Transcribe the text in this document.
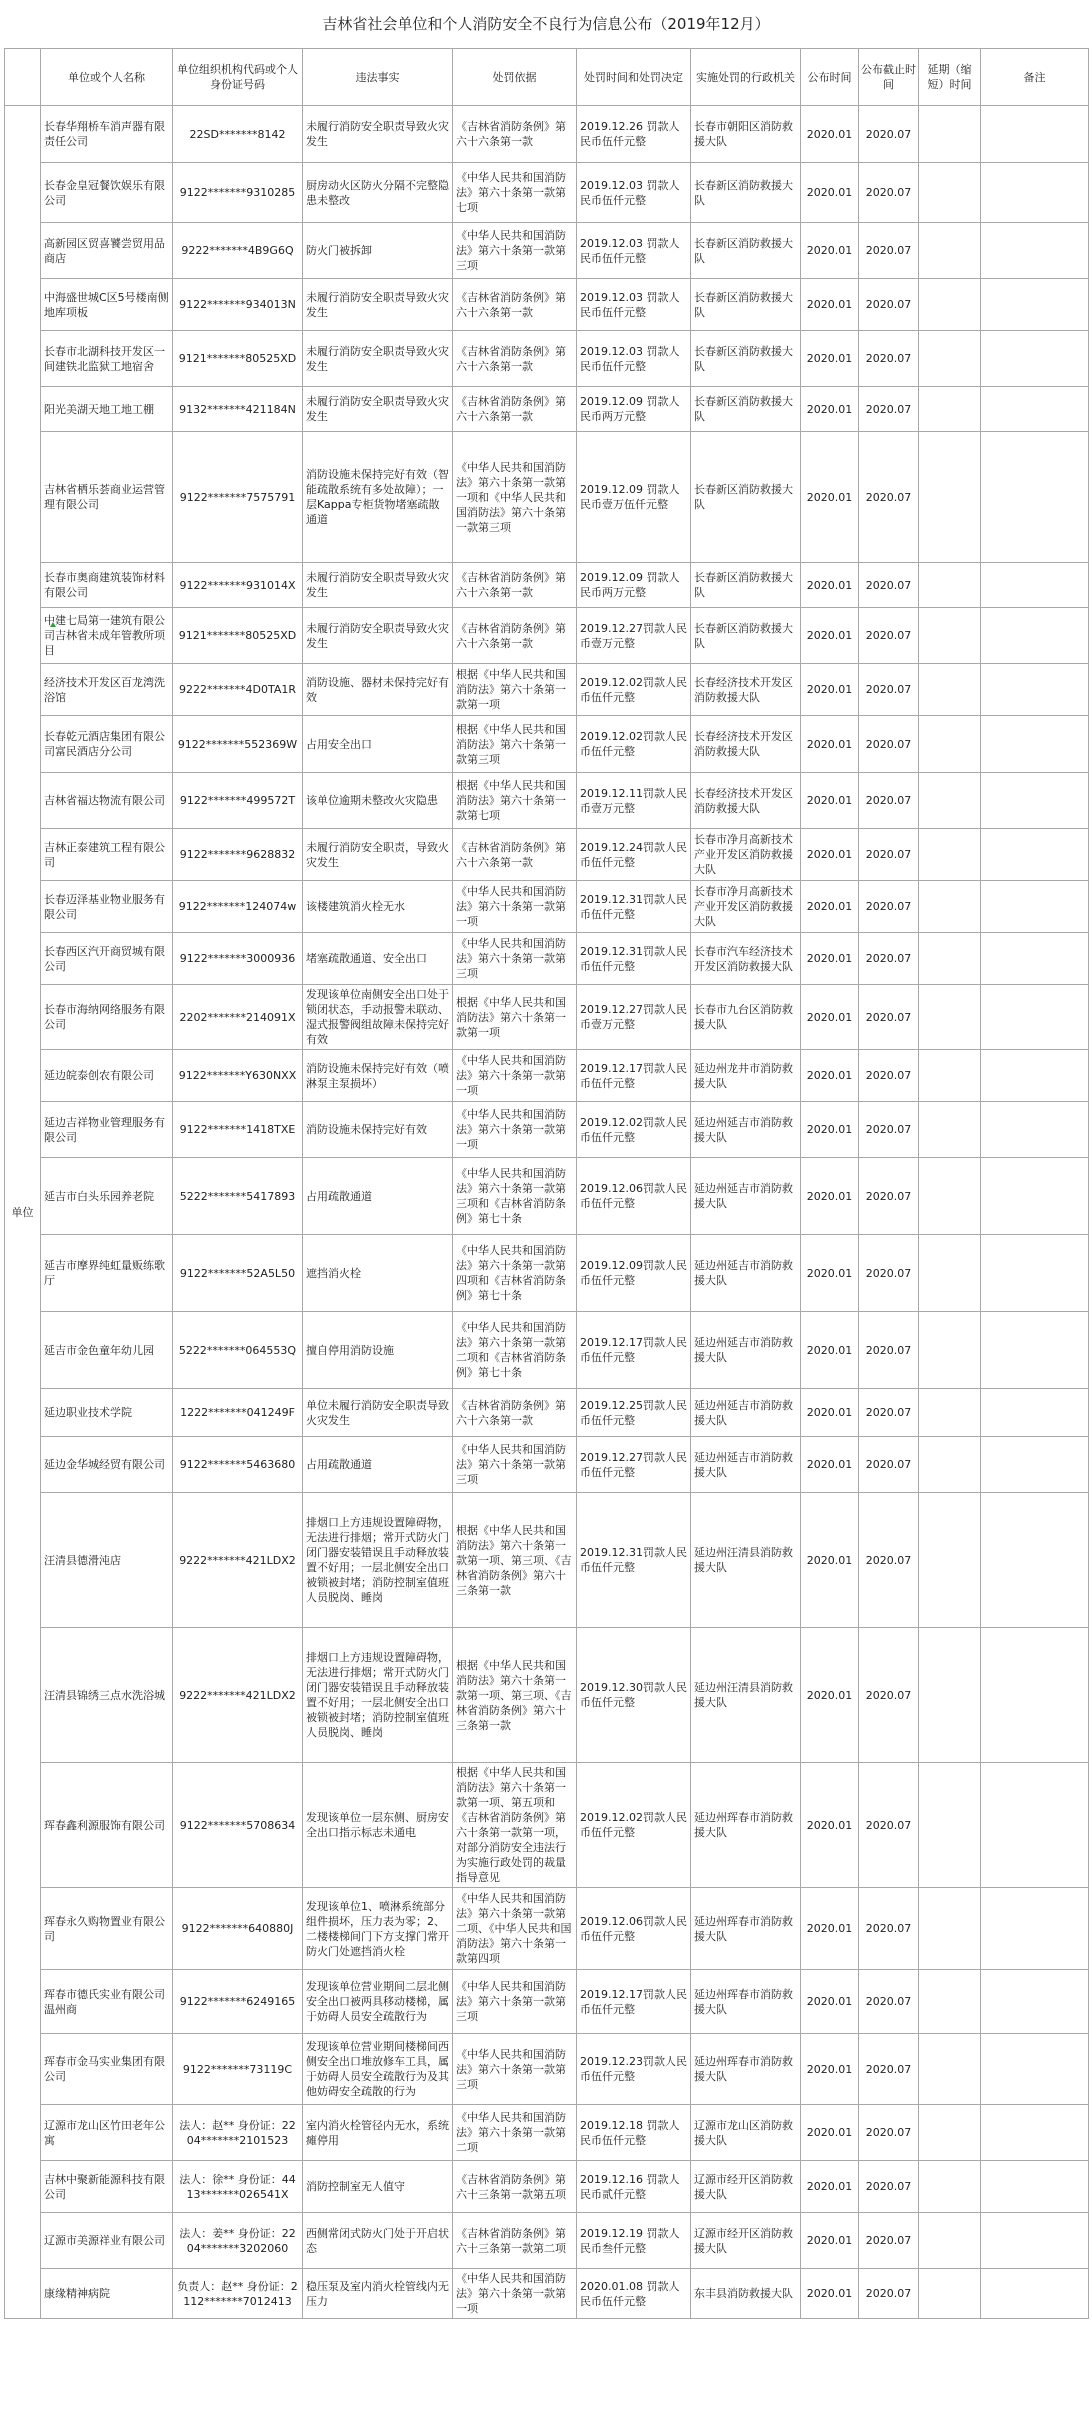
吉林省社会单位和个人消防安全不良行为信息公布（2019年12月）
	单位或个人名称	单位组织机构代码或个人身份证号码	违法事实	处罚依据	处罚时间和处罚决定	实施处罚的行政机关	公布时间	公布截止时间	延期（缩短）时间	备注
单位	长春华翔桥车消声器有限责任公司	22SD*******8142	未履行消防安全职责导致火灾发生	《吉林省消防条例》第六十六条第一款	2019.12.26 罚款人民币伍仟元整	长春市朝阳区消防救援大队	2020.01	2020.07		
	长春金皇冠餐饮娱乐有限公司	9122*******9310285	厨房动火区防火分隔不完整隐患未整改	《中华人民共和国消防法》第六十条第一款第七项	2019.12.03 罚款人民币伍仟元整	长春新区消防救援大队	2020.01	2020.07		
	高新园区贸喜饕尝贸用品商店	9222*******4B9G6Q	防火门被拆卸	《中华人民共和国消防法》第六十条第一款第三项	2019.12.03 罚款人民币伍仟元整	长春新区消防救援大队	2020.01	2020.07		
	中海盛世城C区5号楼南侧地库项板	9122*******934013N	未履行消防安全职责导致火灾发生	《吉林省消防条例》第六十六条第一款	2019.12.03 罚款人民币伍仟元整	长春新区消防救援大队	2020.01	2020.07		
	长春市北湖科技开发区一间建铁北监狱工地宿舍	9121*******80525XD	未履行消防安全职责导致火灾发生	《吉林省消防条例》第六十六条第一款	2019.12.03 罚款人民币伍仟元整	长春新区消防救援大队	2020.01	2020.07		
	阳光美湖天地工地工棚	9132*******421184N	未履行消防安全职责导致火灾发生	《吉林省消防条例》第六十六条第一款	2019.12.09 罚款人民币两万元整	长春新区消防救援大队	2020.01	2020.07		
	吉林省栖乐荟商业运营管理有限公司	9122*******7575791	消防设施未保持完好有效（智能疏散系统有多处故障）；一层Kappa专柜货物堵塞疏散通道	《中华人民共和国消防法》第六十条第一款第一项和《中华人民共和国消防法》第六十条第一款第三项	2019.12.09 罚款人民币壹万伍仟元整	长春新区消防救援大队	2020.01	2020.07		
	长春市奥商建筑装饰材料有限公司	9122*******931014X	未履行消防安全职责导致火灾发生	《吉林省消防条例》第六十六条第一款	2019.12.09 罚款人民币两万元整	长春新区消防救援大队	2020.01	2020.07		
	中建七局第一建筑有限公司吉林省未成年管教所项目	9121*******80525XD	未履行消防安全职责导致火灾发生	《吉林省消防条例》第六十六条第一款	2019.12.27罚款人民币壹万元整	长春新区消防救援大队	2020.01	2020.07		
	经济技术开发区百龙湾洗浴馆	9222*******4D0TA1R	消防设施、器材未保持完好有效	根据《中华人民共和国消防法》第六十条第一款第一项	2019.12.02罚款人民币伍仟元整	长春经济技术开发区消防救援大队	2020.01	2020.07		
	长春乾元酒店集团有限公司富民酒店分公司	9122*******552369W	占用安全出口	根据《中华人民共和国消防法》第六十条第一款第三项	2019.12.02罚款人民币伍仟元整	长春经济技术开发区消防救援大队	2020.01	2020.07		
	吉林省福达物流有限公司	9122*******499572T	该单位逾期未整改火灾隐患	根据《中华人民共和国消防法》第六十条第一款第七项	2019.12.11罚款人民币壹万元整	长春经济技术开发区消防救援大队	2020.01	2020.07		
	吉林正泰建筑工程有限公司	9122*******9628832	未履行消防安全职责，导致火灾发生	《吉林省消防条例》第六十六条第一款	2019.12.24罚款人民币伍仟元整	长春市净月高新技术产业开发区消防救援大队	2020.01	2020.07		
	长春迈泽基业物业服务有限公司	9122*******124074w	该楼建筑消火栓无水	《中华人民共和国消防法》第六十条第一款第一项	2019.12.31罚款人民币伍仟元整	长春市净月高新技术产业开发区消防救援大队	2020.01	2020.07		
	长春西区汽开商贸城有限公司	9122*******3000936	堵塞疏散通道、安全出口	《中华人民共和国消防法》第六十条第一款第三项	2019.12.31罚款人民币伍仟元整	长春市汽车经济技术开发区消防救援大队	2020.01	2020.07		
	长春市海纳网络服务有限公司	2202*******214091X	发现该单位南侧安全出口处于锁闭状态，手动报警未联动、湿式报警阀组故障未保持完好有效	根据《中华人民共和国消防法》第六十条第一款第一项	2019.12.27罚款人民币壹万元整	长春市九台区消防救援大队	2020.01	2020.07		
	延边皖泰创农有限公司	9122*******Y630NXX	消防设施未保持完好有效（喷淋泵主泵损坏）	《中华人民共和国消防法》第六十条第一款第一项	2019.12.17罚款人民币伍仟元整	延边州龙井市消防救援大队	2020.01	2020.07		
	延边吉祥物业管理服务有限公司	9122*******1418TXE	消防设施未保持完好有效	《中华人民共和国消防法》第六十条第一款第一项	2019.12.02罚款人民币伍仟元整	延边州延吉市消防救援大队	2020.01	2020.07		
	延吉市白头乐园养老院	5222*******5417893	占用疏散通道	《中华人民共和国消防法》第六十条第一款第三项和《吉林省消防条例》第七十条	2019.12.06罚款人民币伍仟元整	延边州延吉市消防救援大队	2020.01	2020.07		
	延吉市摩界纯虹量贩练歌厅	9122*******52A5L50	遮挡消火栓	《中华人民共和国消防法》第六十条第一款第四项和《吉林省消防条例》第七十条	2019.12.09罚款人民币伍仟元整	延边州延吉市消防救援大队	2020.01	2020.07		
	延吉市金色童年幼儿园	5222*******064553Q	擅自停用消防设施	《中华人民共和国消防法》第六十条第一款第二项和《吉林省消防条例》第七十条	2019.12.17罚款人民币伍仟元整	延边州延吉市消防救援大队	2020.01	2020.07		
	延边职业技术学院	1222*******041249F	单位未履行消防安全职责导致火灾发生	《吉林省消防条例》第六十六条第一款	2019.12.25罚款人民币伍仟元整	延边州延吉市消防救援大队	2020.01	2020.07		
	延边金华城经贸有限公司	9122*******5463680	占用疏散通道	《中华人民共和国消防法》第六十条第一款第三项	2019.12.27罚款人民币伍仟元整	延边州延吉市消防救援大队	2020.01	2020.07		
	汪清县德滑沌店	9222*******421LDX2	排烟口上方违规设置障碍物，无法进行排烟；常开式防火门闭门器安装错误且手动释放装置不好用；一层北侧安全出口被锁被封堵；消防控制室值班人员脱岗、睡岗	根据《中华人民共和国消防法》第六十条第一款第一项、第三项、《吉林省消防条例》第六十三条第一款	2019.12.31罚款人民币伍仟元整	延边州汪清县消防救援大队	2020.01	2020.07		
	汪清县锦绣三点水洗浴城	9222*******421LDX2	排烟口上方违规设置障碍物，无法进行排烟；常开式防火门闭门器安装错误且手动释放装置不好用；一层北侧安全出口被锁被封堵；消防控制室值班人员脱岗、睡岗	根据《中华人民共和国消防法》第六十条第一款第一项、第三项、《吉林省消防条例》第六十三条第一款	2019.12.30罚款人民币伍仟元整	延边州汪清县消防救援大队	2020.01	2020.07		
	珲春鑫利源服饰有限公司	9122*******5708634	发现该单位一层东侧、厨房安全出口指示标志未通电	根据《中华人民共和国消防法》第六十条第一款第一项、第五项和《吉林省消防条例》第六十条第一款第一项，对部分消防安全违法行为实施行政处罚的裁量指导意见	2019.12.02罚款人民币伍仟元整	延边州珲春市消防救援大队	2020.01	2020.07		
	珲春永久购物置业有限公司	9122*******640880J	发现该单位1、喷淋系统部分组件损坏，压力表为零；2、二楼楼梯间门下方支撑门常开防火门处遮挡消火栓	《中华人民共和国消防法》第六十条第一款第二项、《中华人民共和国消防法》第六十条第一款第四项	2019.12.06罚款人民币伍仟元整	延边州珲春市消防救援大队	2020.01	2020.07		
	珲春市德氏实业有限公司温州商	9122*******6249165	发现该单位营业期间二层北侧安全出口被两具移动楼梯，属于妨碍人员安全疏散行为	《中华人民共和国消防法》第六十条第一款第三项	2019.12.17罚款人民币伍仟元整	延边州珲春市消防救援大队	2020.01	2020.07		
	珲春市金马实业集团有限公司	9122*******73119C	发现该单位营业期间楼梯间西侧安全出口堆放修车工具，属于妨碍人员安全疏散行为及其他妨碍安全疏散的行为	《中华人民共和国消防法》第六十条第一款第三项	2019.12.23罚款人民币伍仟元整	延边州珲春市消防救援大队	2020.01	2020.07		
	辽源市龙山区竹田老年公寓	法人：赵** 身份证：2204*******2101523	室内消火栓管径内无水，系统瘫停用	《中华人民共和国消防法》第六十条第一款第二项	2019.12.18 罚款人民币伍仟元整	辽源市龙山区消防救援大队	2020.01	2020.07		
	吉林中聚新能源科技有限公司	法人：徐** 身份证：4413*******026541X	消防控制室无人值守	《吉林省消防条例》第六十三条第一款第五项	2019.12.16 罚款人民币贰仟元整	辽源市经开区消防救援大队	2020.01	2020.07		
	辽源市美源祥业有限公司	法人：姜** 身份证：2204*******3202060	西侧常闭式防火门处于开启状态	《吉林省消防条例》第六十三条第一款第二项	2019.12.19 罚款人民币叁仟元整	辽源市经开区消防救援大队	2020.01	2020.07		
	康缘精神病院	负责人：赵** 身份证：2112*******7012413	稳压泵及室内消火栓管线内无压力	《中华人民共和国消防法》第六十条第一款第一项	2020.01.08 罚款人民币伍仟元整	东丰县消防救援大队	2020.01	2020.07		
